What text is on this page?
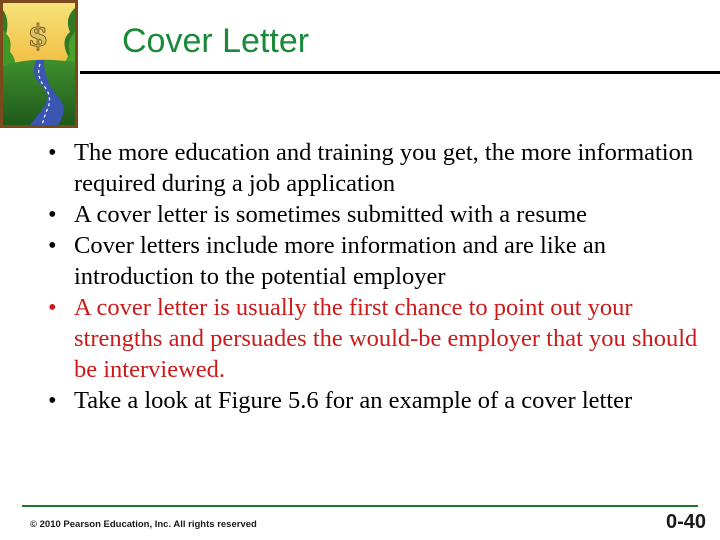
$ Cover Letter
• The more education and training you get, the more information required during a job application
• A cover letter is sometimes submitted with a resume
• Cover letters include more information and are like an introduction to the potential employer
• A cover letter is usually the first chance to point out your strengths and persuades the would-be employer that you should be interviewed.
• Take a look at Figure 5.6 for an example of a cover letter
© 2010 Pearson Education, Inc. All rights reserved	0-40
